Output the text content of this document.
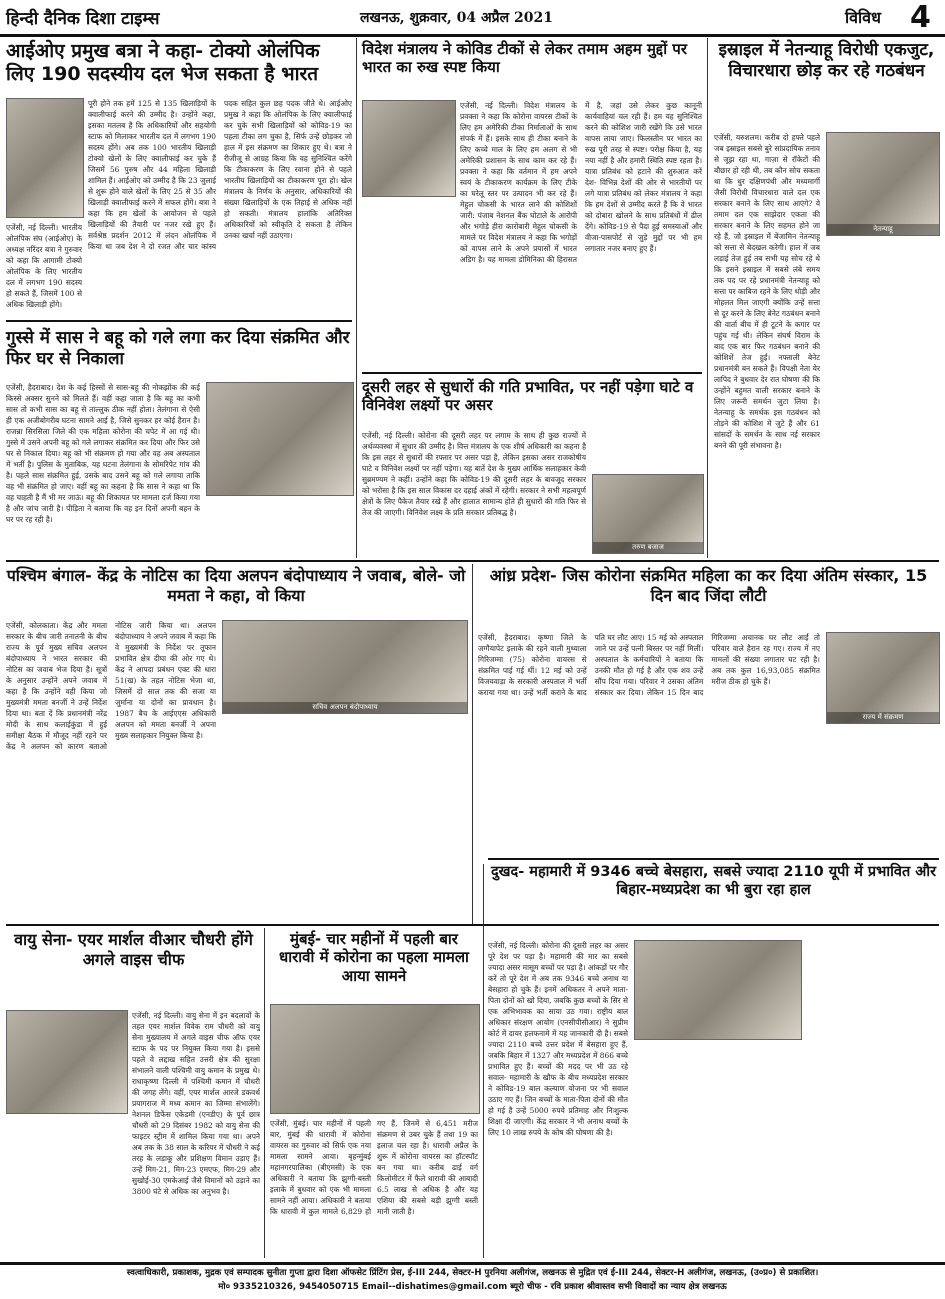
हिन्दी दैनिक दिशा टाइम्स	लखनऊ, शुक्रवार, 04 अप्रैल 2021	विविध 4
आईओए प्रमुख बत्रा ने कहा- टोक्यो ओलंपिक लिए 190 सदस्यीय दल भेज सकता है भारत
एजेंसी, नई दिल्ली। भारतीय ओलंपिक संघ (आईओए) के अध्यक्ष नरिंदर बत्रा ने गुरुवार को कहा कि आगामी टोक्यो ओलंपिक के लिए भारतीय दल में लगभग 190 सदस्य हो सकते हैं, जिसमें 100 से अधिक खिलाड़ी होंगे।
पूरी होने तक हमें 125 से 135 खिलाड़ियों के क्वालीफाई करने की उम्मीद है। उन्होंने कहा, इसका मतलब है कि अधिकारियों और सहयोगी स्टाफ को मिलाकर भारतीय दल में लगभग 190 सदस्य होंगे। अब तक 100 भारतीय खिलाड़ी टोक्यो खेलों के लिए क्वालीफाई कर चुके हैं जिसमें 56 पुरुष और 44 महिला खिलाड़ी शामिल हैं। आईओए को उम्मीद है कि 23 जुलाई से शुरू होने वाले खेलों के लिए 25 से 35 और खिलाड़ी क्वालीफाई करने में सफल होंगे। बत्रा ने कहा कि हम खेलों के आयोजन से पहले खिलाड़ियों की तैयारी पर नजर रखे हुए हैं। सर्वश्रेष्ठ प्रदर्शन 2012 में लंदन ओलंपिक में किया था जब देश ने दो रजत और चार कांस्य पदक सहित कुल छह पदक जीते थे। आईओए प्रमुख ने कहा कि ओलंपिक के लिए क्वालीफाई कर चुके सभी खिलाड़ियों को कोविड-19 का पहला टीका लग चुका है, सिर्फ उन्हें छोड़कर जो हाल में इस संक्रमण का शिकार हुए थे। बत्रा ने रीजीजू से आग्रह किया कि वह सुनिश्चित करेंगे कि टीकाकरण के लिए रवाना होने से पहले भारतीय खिलाड़ियों का टीकाकरण पूरा हो। खेल मंत्रालय के निर्णय के अनुसार, अधिकारियों की संख्या खिलाड़ियों के एक तिहाई से अधिक नहीं हो सकती। मंत्रालय हालांकि अतिरिक्त अधिकारियों को स्वीकृति दे सकता है लेकिन उनका खर्चा नहीं उठाएगा।
विदेश मंत्रालय ने कोविड टीकों से लेकर तमाम अहम मुद्दों पर भारत का रुख स्पष्ट किया
एजेंसी, नई दिल्ली। विदेश मंत्रालय के प्रवक्ता ने कहा कि कोरोना वायरस टीकों के लिए हम अमेरिकी टीका निर्माताओं के साथ संपर्क में हैं। इसके साथ ही टीका बनाने के लिए कच्चे माल के लिए हम अलग से भी अमेरिकी प्रशासन के साथ काम कर रहे हैं। प्रवक्ता ने कहा कि वर्तमान में हम अपने स्वयं के टीकाकरण कार्यक्रम के लिए टीके का घरेलू स्तर पर उत्पादन भी कर रहे हैं। मेहुल चोकसी के भारत लाने की कोशिशों जारी: पंजाब नेशनल बैंक घोटाले के आरोपी और भगोड़े हीरा कारोबारी मेहुल चोकसी के मामले पर विदेश मंत्रालय ने कहा कि भगोड़ों को वापस लाने के अपने प्रयासों में भारत अडिग है। यह मामला डोमिनिका की हिरासत में है, जहां उसे लेकर कुछ कानूनी कार्यवाहियां चल रही हैं। हम यह सुनिश्चित करने की कोशिश जारी रखेंगे कि उसे भारत वापस लाया जाए। फिलस्तीन पर भारत का रुख पूरी तरह से स्पष्ट। परोक्ष किया है, यह नया नहीं है और हमारी स्थिति स्पष्ट रहता है। यात्रा प्रतिबंध को हटाने की शुरुआत करें देश- विभिन्न देशों की ओर से भारतीयों पर लगे यात्रा प्रतिबंध को लेकर मंत्रालय ने कहा कि हम देशों से उम्मीद करते हैं कि वे भारत को दोबारा खोलने के साथ प्रतिबंधों में ढील देंगे। कोविड-19 से पैदा हुई समस्याओं और वीजा-पासपोर्ट से जुड़े मुद्दों पर भी हम लगातार नजर बनाए हुए हैं।
इस्राइल में नेतन्याहू विरोधी एकजुट, विचारधारा छोड़ कर रहे गठबंधन
नेतन्याहू
एजेंसी, यरुशलम। करीब दो हफ्ते पहले जब इस्राइल सबसे बुरे सांप्रदायिक तनाव से जूझ रहा था, गाज़ा से रॉकेटों की बौछार हो रही थी, तब कौन सोच सकता था कि धुर दक्षिणपंथी और मध्यमार्गी जैसी विरोधी विचारधारा वाले दल एक सरकार बनाने के लिए साथ आएंगे? ये तमाम दल एक साझेदार एकता की सरकार बनाने के लिए सहमत होने जा रहे हैं, जो इस्राइल में बेंजामिन नेतन्याहू को सत्ता से बेदखल करेगी। हाल में जब लड़ाई तेज हुई तब सभी यह सोच रहे थे कि इसने इस्राइल में सबसे लंबे समय तक पद पर रहे प्रधानमंत्री नेतन्याहू को सत्ता पर काबिज रहने के लिए थोड़ी और मोहलत मिल जाएगी क्योंकि उन्हें सत्ता से दूर करने के लिए बेनेट गठबंधन बनाने की वार्ता बीच में ही टूटने के कगार पर पहुंच गई थी। लेकिन संघर्ष विराम के बाद एक बार फिर गठबंधन बनाने की कोशिशें तेज हुईं। नफ्ताली बेनेट प्रधानमंत्री बन सकते हैं। विपक्षी नेता येर लापिद ने बुधवार देर रात घोषणा की कि उन्होंने बहुमत वाली सरकार बनाने के लिए जरूरी समर्थन जुटा लिया है। नेतन्याहू के समर्थक इस गठबंधन को तोड़ने की कोशिश में जुटे हैं और 61 सांसदों के समर्थन के साथ नई सरकार बनने की पूरी संभावना है।
गुस्से में सास ने बहू को गले लगा कर दिया संक्रमित और फिर घर से निकाला
एजेंसी, हैदराबाद। देश के कई हिस्सों से सास-बहू की नोकझोंक की कई किस्से अक्सर सुनने को मिलते हैं। वहीं कहा जाता है कि बहू का कभी सास तो कभी सास का बहू से ताल्लुक ठीक नहीं होता। तेलंगाना से ऐसी ही एक अजीबोगरीब घटना सामने आई है, जिसे सुनकर हर कोई हैरान है। राजन्ना सिरसिला जिले की एक महिला कोरोना की चपेट में आ गई थी। गुस्से में उसने अपनी बहू को गले लगाकर संक्रमित कर दिया और फिर उसे घर से निकाल दिया। बहू को भी संक्रमण हो गया और वह अब अस्पताल में भर्ती है। पुलिस के मुताबिक, यह घटना तेलंगाना के सोमरिपेट गांव की है। पहले सास संक्रमित हुई, उसके बाद उसने बहू को गले लगाया ताकि वह भी संक्रमित हो जाए। वहीं बहू का कहना है कि सास ने कहा था कि वह चाहती है मैं भी मर जाऊं। बहू की शिकायत पर मामला दर्ज किया गया है और जांच जारी है। पीड़िता ने बताया कि वह इन दिनों अपनी बहन के घर पर रह रही है।
दूसरी लहर से सुधारों की गति प्रभावित, पर नहीं पड़ेगा घाटे व विनिवेश लक्ष्यों पर असर
तरुण बजाज
एजेंसी, नई दिल्ली। कोरोना की दूसरी लहर पर लगाम के साथ ही कुछ राज्यों में अर्थव्यवस्था में सुधार की उम्मीद है। वित्त मंत्रालय के एक शीर्ष अधिकारी का कहना है कि इस लहर से सुधारों की रफ्तार पर असर पड़ा है, लेकिन इसका असर राजकोषीय घाटे व विनिवेश लक्ष्यों पर नहीं पड़ेगा। यह बातें देश के मुख्य आर्थिक सलाहकार केवी सुब्रमण्यम ने कहीं। उन्होंने कहा कि कोविड-19 की दूसरी लहर के बावजूद सरकार को भरोसा है कि इस साल विकास दर दहाई अंकों में रहेगी। सरकार ने सभी महत्वपूर्ण क्षेत्रों के लिए पैकेज तैयार रखे हैं और हालात सामान्य होते ही सुधारों की गति फिर से तेज की जाएगी। विनिवेश लक्ष्य के प्रति सरकार प्रतिबद्ध है।
पश्चिम बंगाल- केंद्र के नोटिस का दिया अलपन बंदोपाध्याय ने जवाब, बोले- जो ममता ने कहा, वो किया
सचिव अलपन बंदोपाध्याय
एजेंसी, कोलकाता। केंद्र और ममता सरकार के बीच जारी तनातनी के बीच राज्य के पूर्व मुख्य सचिव अलपन बंदोपाध्याय ने भारत सरकार की नोटिस का जवाब भेज दिया है। सूत्रों के अनुसार उन्होंने अपने जवाब में कहा है कि उन्होंने वही किया जो मुख्यमंत्री ममता बनर्जी ने उन्हें निर्देश दिया था। बता दें कि प्रधानमंत्री नरेंद्र मोदी के साथ कलाईकुंडा में हुई समीक्षा बैठक में मौजूद नहीं रहने पर केंद्र ने अलपन को कारण बताओ नोटिस जारी किया था। अलपन बंदोपाध्याय ने अपने जवाब में कहा कि वे मुख्यमंत्री के निर्देश पर तूफान प्रभावित क्षेत्र दीघा की ओर गए थे। केंद्र ने आपदा प्रबंधन एक्ट की धारा 51(ख) के तहत नोटिस भेजा था, जिसमें दो साल तक की सजा या जुर्माना या दोनों का प्रावधान है। 1987 बैच के आईएएस अधिकारी अलपन को ममता बनर्जी ने अपना मुख्य सलाहकार नियुक्त किया है।
आंध्र प्रदेश- जिस कोरोना संक्रमित महिला का कर दिया अंतिम संस्कार, 15 दिन बाद जिंदा लौटी
राज्य में संक्रमण
एजेंसी, हैदराबाद। कृष्णा जिले के जग्गैयापेट इलाके की रहने वाली मुथ्याला गिरिजम्मा (75) कोरोना वायरस से संक्रमित पाई गई थीं। 12 मई को उन्हें विजयवाड़ा के सरकारी अस्पताल में भर्ती कराया गया था। उन्हें भर्ती कराने के बाद पति घर लौट आए। 15 मई को अस्पताल जाने पर उन्हें पत्नी बिस्तर पर नहीं मिलीं। अस्पताल के कर्मचारियों ने बताया कि उनकी मौत हो गई है और एक शव उन्हें सौंप दिया गया। परिवार ने उसका अंतिम संस्कार कर दिया। लेकिन 15 दिन बाद गिरिजम्मा अचानक घर लौट आईं तो परिवार वाले हैरान रह गए। राज्य में नए मामलों की संख्या लगातार घट रही है। अब तक कुल 16,93,085 संक्रमित मरीज ठीक हो चुके हैं।
वायु सेना- एयर मार्शल वीआर चौधरी होंगे अगले वाइस चीफ
एजेंसी, नई दिल्ली। वायु सेना में इन बदलावों के तहत एयर मार्शल विवेक राम चौधरी को वायु सेना मुख्यालय में अगले वाइस चीफ ऑफ एयर स्टाफ के पद पर नियुक्त किया गया है। इससे पहले वे लद्दाख सहित उत्तरी क्षेत्र की सुरक्षा संभालने वाली पश्चिमी वायु कमान के प्रमुख थे। राधाकृष्णा दिल्ली में पश्चिमी कमान में चौधरी की जगह लेंगे। वहीं, एयर मार्शल आरजे डकवर्थ प्रयागराज में मध्य कमान का जिम्मा संभालेंगे। नेशनल डिफेंस एकेडमी (एनडीए) के पूर्व छात्र चौधरी को 29 दिसंबर 1982 को वायु सेना की फाइटर स्ट्रीम में शामिल किया गया था। अपने अब तक के 38 साल के करियर में चौधरी ने कई तरह के लड़ाकू और प्रशिक्षण विमान उड़ाए हैं। उन्हें मिग-21, मिग-23 एमएफ, मिग-29 और सुखोई-30 एमकेआई जैसे विमानों को उड़ाने का 3800 घंटे से अधिक का अनुभव है।
मुंबई- चार महीनों में पहली बार धारावी में कोरोना का पहला मामला आया सामने
एजेंसी, मुंबई। चार महीनों में पहली बार, मुंबई की धारावी में कोरोना वायरस का गुरुवार को सिर्फ एक नया मामला सामने आया। बृहन्मुंबई महानगरपालिका (बीएमसी) के एक अधिकारी ने बताया कि झुग्गी-बस्ती इलाके में बुधवार को एक भी मामला सामने नहीं आया। अधिकारी ने बताया कि धारावी में कुल मामले 6,829 हो गए हैं, जिनमें से 6,451 मरीज संक्रमण से उबर चुके हैं तथा 19 का इलाज चल रहा है। धारावी अप्रैल के शुरू में कोरोना वायरस का हॉटस्पॉट बन गया था। करीब ढाई वर्ग किलोमीटर में फैले धारावी की आबादी 6.5 लाख से अधिक है और यह एशिया की सबसे बड़ी झुग्गी बस्ती मानी जाती है।
दुखद- महामारी में 9346 बच्चे बेसहारा, सबसे ज्यादा 2110 यूपी में प्रभावित और बिहार-मध्यप्रदेश का भी बुरा रहा हाल
एजेंसी, नई दिल्ली। कोरोना की दूसरी लहर का असर पूरे देश पर पड़ा है। महामारी की मार का सबसे ज्यादा असर मासूम बच्चों पर पड़ा है। आंकड़ों पर गौर करें तो पूरे देश में अब तक 9346 बच्चे अनाथ या बेसहारा हो चुके हैं। इनमें अधिकतर ने अपने माता-पिता दोनों को खो दिया, जबकि कुछ बच्चों के सिर से एक अभिभावक का साया उठ गया। राष्ट्रीय बाल अधिकार संरक्षण आयोग (एनसीपीसीआर) ने सुप्रीम कोर्ट में दायर हलफनामे में यह जानकारी दी है। सबसे ज्यादा 2110 बच्चे उत्तर प्रदेश में बेसहारा हुए हैं, जबकि बिहार में 1327 और मध्यप्रदेश में 866 बच्चे प्रभावित हुए हैं। बच्चों की मदद पर भी उठ रहे सवाल- महामारी के खौफ के बीच मध्यप्रदेश सरकार ने कोविड-19 बाल कल्याण योजना पर भी सवाल उठाए गए हैं। जिन बच्चों के माता-पिता दोनों की मौत हो गई है उन्हें 5000 रुपये प्रतिमाह और निःशुल्क शिक्षा दी जाएगी। केंद्र सरकार ने भी अनाथ बच्चों के लिए 10 लाख रुपये के कोष की घोषणा की है।
स्वत्वाधिकारी, प्रकाशक, मुद्रक एवं सम्पादक सुनीता गुप्ता द्वारा दिशा ऑफसेट प्रिंटिंग प्रेस, ई-III 244, सेक्टर-H पुरनिया अलीगंज, लखनऊ से मुद्रित एवं ई-III 244, सेक्टर-H अलीगंज, लखनऊ, (उ०प्र०) से प्रकाशित।
मो० 9335210326, 9454050715 Email--dishatimes@gmail.com ब्यूरो चीफ - रवि प्रकाश श्रीवास्तव सभी विवादों का न्याय क्षेत्र लखनऊ
